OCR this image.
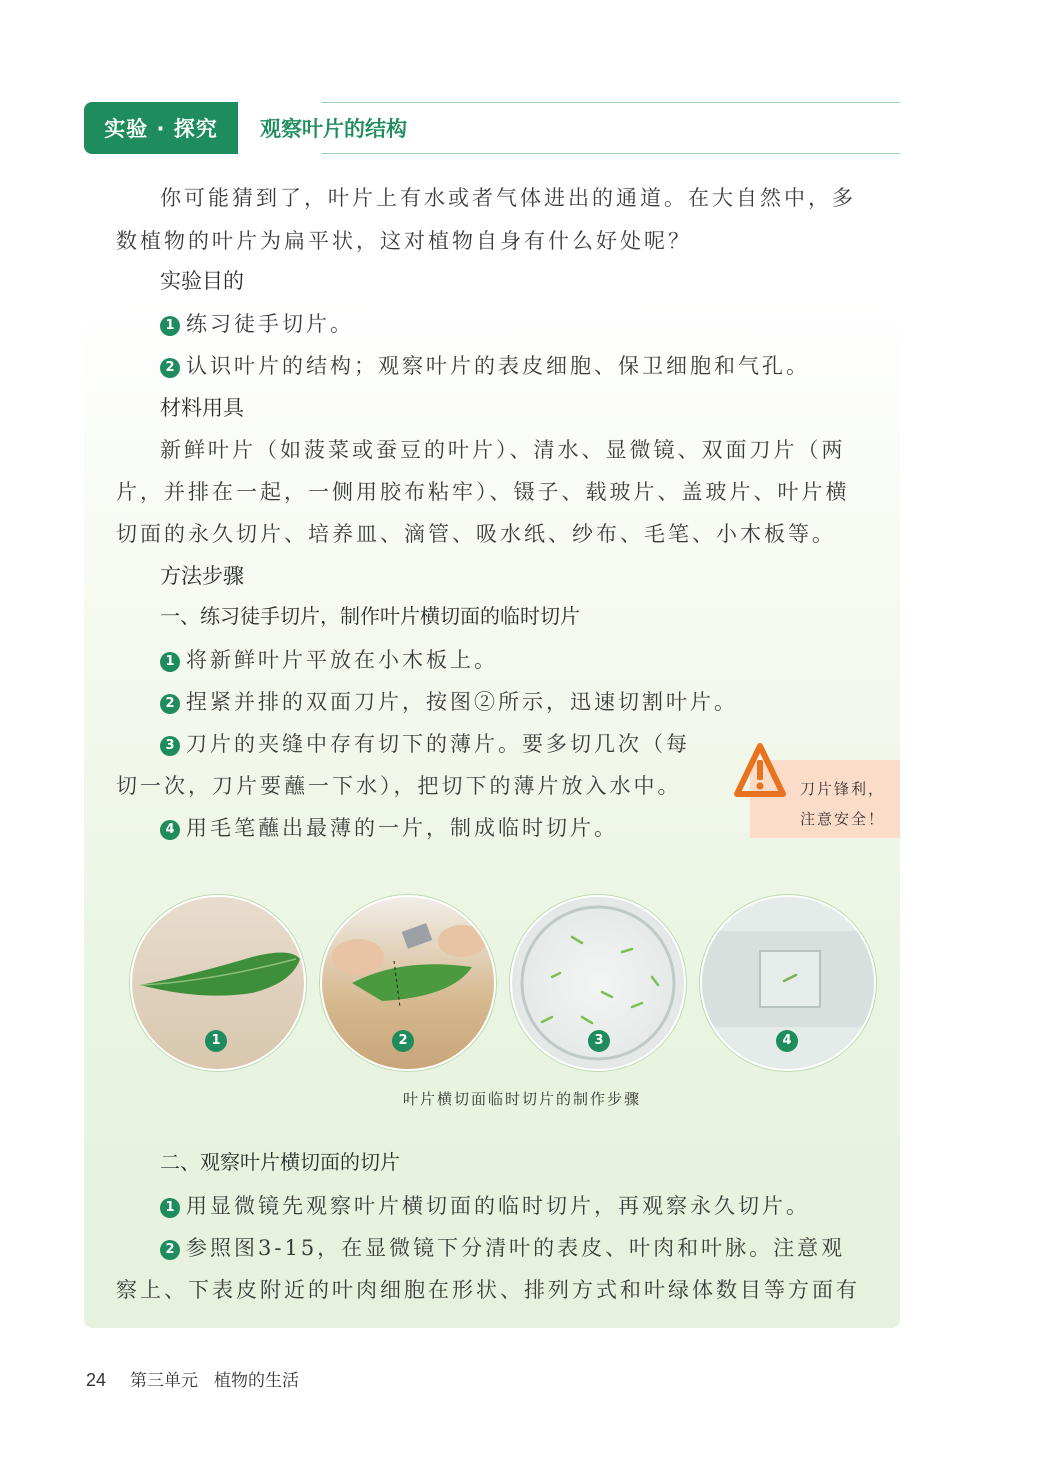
实验 · 探究	观察叶片的结构
你可能猜到了，叶片上有水或者气体进出的通道。在大自然中，多
数植物的叶片为扁平状，这对植物自身有什么好处呢？
实验目的
1 练习徒手切片。
2 认识叶片的结构；观察叶片的表皮细胞、保卫细胞和气孔。
材料用具
新鲜叶片（如菠菜或蚕豆的叶片）、清水、显微镜、双面刀片（两
片，并排在一起，一侧用胶布粘牢）、镊子、载玻片、盖玻片、叶片横
切面的永久切片、培养皿、滴管、吸水纸、纱布、毛笔、小木板等。
方法步骤
一、练习徒手切片，制作叶片横切面的临时切片
1 将新鲜叶片平放在小木板上。
2 捏紧并排的双面刀片，按图②所示，迅速切割叶片。
3 刀片的夹缝中存有切下的薄片。要多切几次（每
切一次，刀片要蘸一下水），把切下的薄片放入水中。
4 用毛笔蘸出最薄的一片，制成临时切片。
刀片锋利，
注意安全！
1	2	3	4
叶片横切面临时切片的制作步骤
二、观察叶片横切面的切片
1 用显微镜先观察叶片横切面的临时切片，再观察永久切片。
2 参照图3-15，在显微镜下分清叶的表皮、叶肉和叶脉。注意观
察上、下表皮附近的叶肉细胞在形状、排列方式和叶绿体数目等方面有
24 第三单元 植物的生活
